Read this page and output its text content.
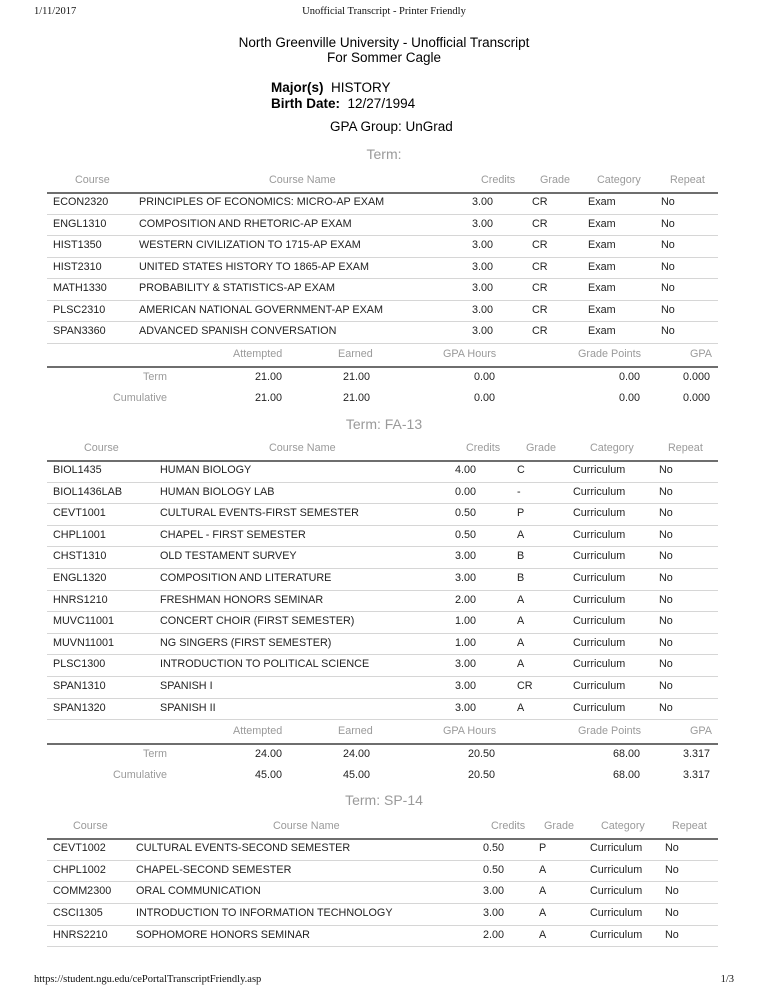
1/11/2017	Unofficial Transcript - Printer Friendly
North Greenville University - Unofficial Transcript
For Sommer Cagle
Major(s) HISTORY
Birth Date: 12/27/1994
GPA Group: UnGrad
Term:
Course	Course Name	Credits Grade Category	Repeat
ECON2320	PRINCIPLES OF ECONOMICS: MICRO-AP EXAM	3.00	CR	Exam	No
ENGL1310	COMPOSITION AND RHETORIC-AP EXAM	3.00	CR	Exam	No
HIST1350	WESTERN CIVILIZATION TO 1715-AP EXAM	3.00	CR	Exam	No
HIST2310	UNITED STATES HISTORY TO 1865-AP EXAM	3.00	CR	Exam	No
MATH1330	PROBABILITY & STATISTICS-AP EXAM	3.00	CR	Exam	No
PLSC2310	AMERICAN NATIONAL GOVERNMENT-AP EXAM	3.00	CR	Exam	No
SPAN3360	ADVANCED SPANISH CONVERSATION	3.00	CR	Exam	No
Attempted	Earned	GPA Hours	Grade Points	GPA
Term	21.00	21.00	0.00	0.00	0.000
Cumulative	21.00	21.00	0.00	0.00	0.000
Term: FA-13
Course	Course Name	Credits Grade	Category	Repeat
BIOL1435	HUMAN BIOLOGY	4.00	C	Curriculum	No
BIOL1436LAB	HUMAN BIOLOGY LAB	0.00	-	Curriculum	No
CEVT1001	CULTURAL EVENTS-FIRST SEMESTER	0.50	P	Curriculum	No
CHPL1001	CHAPEL - FIRST SEMESTER	0.50	A	Curriculum	No
CHST1310	OLD TESTAMENT SURVEY	3.00	B	Curriculum	No
ENGL1320	COMPOSITION AND LITERATURE	3.00	B	Curriculum	No
HNRS1210	FRESHMAN HONORS SEMINAR	2.00	A	Curriculum	No
MUVC11001	CONCERT CHOIR (FIRST SEMESTER)	1.00	A	Curriculum	No
MUVN11001	NG SINGERS (FIRST SEMESTER)	1.00	A	Curriculum	No
PLSC1300	INTRODUCTION TO POLITICAL SCIENCE	3.00	A	Curriculum	No
SPAN1310	SPANISH I	3.00	CR	Curriculum	No
SPAN1320	SPANISH II	3.00	A	Curriculum	No
Attempted	Earned	GPA Hours	Grade Points	GPA
Term	24.00	24.00	20.50	68.00	3.317
Cumulative	45.00	45.00	20.50	68.00	3.317
Term: SP-14
Course	Course Name	Credits Grade Category	Repeat
CEVT1002	CULTURAL EVENTS-SECOND SEMESTER	0.50	P	Curriculum No
CHPL1002	CHAPEL-SECOND SEMESTER	0.50	A	Curriculum No
COMM2300 ORAL COMMUNICATION	3.00	A	Curriculum No
CSCI1305	INTRODUCTION TO INFORMATION TECHNOLOGY	3.00	A	Curriculum No
HNRS2210	SOPHOMORE HONORS SEMINAR	2.00	A	Curriculum No
https://student.ngu.edu/cePortalTranscriptFriendly.asp	1/3
